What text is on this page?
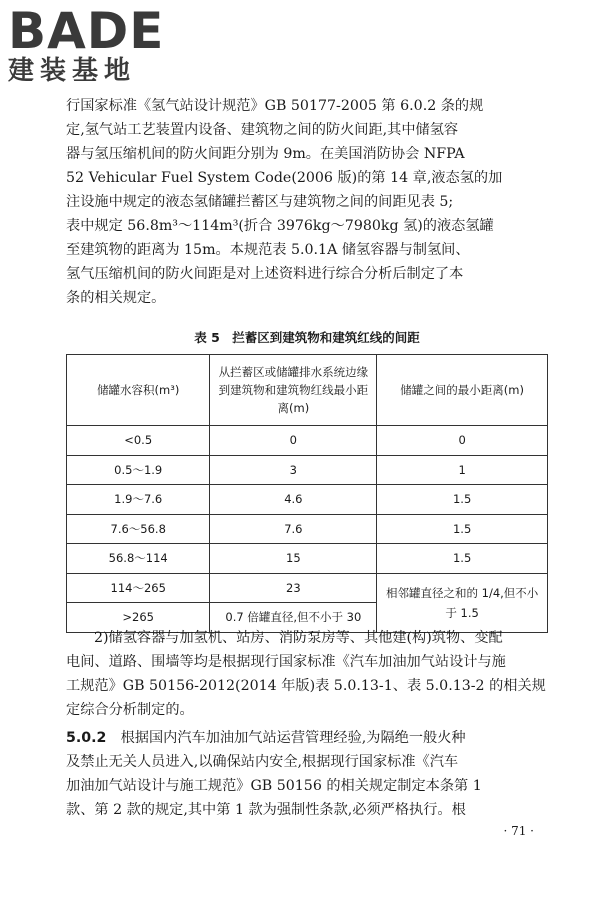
BADE
建装基地
行国家标准《氢气站设计规范》GB 50177-2005 第 6.0.2 条的规
定,氢气站工艺装置内设备、建筑物之间的防火间距,其中储氢容
器与氢压缩机间的防火间距分别为 9m。在美国消防协会 NFPA
52 Vehicular Fuel System Code(2006 版)的第 14 章,液态氢的加
注设施中规定的液态氢储罐拦蓄区与建筑物之间的间距见表 5;
表中规定 56.8m³～114m³(折合 3976kg～7980kg 氢)的液态氢罐
至建筑物的距离为 15m。本规范表 5.0.1A 储氢容器与制氢间、
氢气压缩机间的防火间距是对上述资料进行综合分析后制定了本
条的相关规定。
表 5　拦蓄区到建筑物和建筑红线的间距
储罐水容积(m³)	从拦蓄区或储罐排水系统边缘到建筑物和建筑物红线最小距离(m)	储罐之间的最小距离(m)
<0.5	0	0
0.5～1.9	3	1
1.9～7.6	4.6	1.5
7.6～56.8	7.6	1.5
56.8～114	15	1.5
114～265	23	相邻罐直径之和的 1/4,但不小于 1.5
>265	0.7 倍罐直径,但不小于 30	
2)储氢容器与加氢机、站房、消防泵房等、其他建(构)筑物、变配
电间、道路、围墙等均是根据现行国家标准《汽车加油加气站设计与施
工规范》GB 50156-2012(2014 年版)表 5.0.13-1、表 5.0.13-2 的相关规
定综合分析制定的。
5.0.2　 根据国内汽车加油加气站运营管理经验,为隔绝一般火种
及禁止无关人员进入,以确保站内安全,根据现行国家标准《汽车
加油加气站设计与施工规范》GB 50156 的相关规定制定本条第 1
款、第 2 款的规定,其中第 1 款为强制性条款,必须严格执行。根
· 71 ·
